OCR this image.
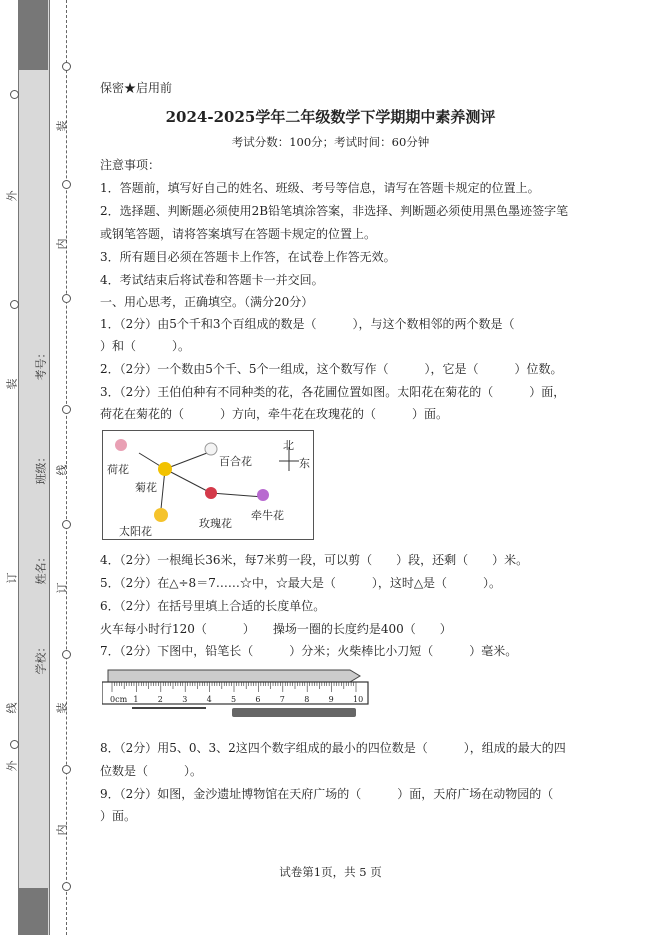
装
内
线
订
装
内
外
装
订
线
外
学校：
姓名：
班级：
考号：
保密★启用前
2024-2025学年二年级数学下学期期中素养测评
考试分数：100分；考试时间：60分钟
注意事项：
1．答题前，填写好自己的姓名、班级、考号等信息，请写在答题卡规定的位置上。
2．选择题、判断题必须使用2B铅笔填涂答案，非选择、判断题必须使用黑色墨迹签字笔
或钢笔答题，请将答案填写在答题卡规定的位置上。
3．所有题目必须在答题卡上作答，在试卷上作答无效。
4．考试结束后将试卷和答题卡一并交回。
一、用心思考，正确填空。（满分20分）
1．（2分）由5个千和3个百组成的数是（　　　），与这个数相邻的两个数是（
）和（　　　）。
2．（2分）一个数由5个千、5个一组成，这个数写作（　　　），它是（　　　）位数。
3．（2分）王伯伯种有不同种类的花，各花圃位置如图。太阳花在菊花的（　　　）面，
荷花在菊花的（　　　）方向，牵牛花在玫瑰花的（　　　）面。
荷花
菊花
百合花
太阳花
玫瑰花
牵牛花
北
东
4．（2分）一根绳长36米，每7米剪一段，可以剪（　　）段，还剩（　　）米。
5．（2分）在△÷8＝7……☆中，☆最大是（　　　），这时△是（　　　）。
6．（2分）在括号里填上合适的长度单位。
火车每小时行120（　　　）　　操场一圈的长度约是400（　　）
7．（2分）下图中，铅笔长（　　　）分米；火柴棒比小刀短（　　　）毫米。
0cm 1 2 3 4 5 6 7 8 9 10
8．（2分）用5、0、3、2这四个数字组成的最小的四位数是（　　　），组成的最大的四
位数是（　　　）。
9．（2分）如图，金沙遗址博物馆在天府广场的（　　　）面，天府广场在动物园的（
）面。
试卷第1页，共 5 页
